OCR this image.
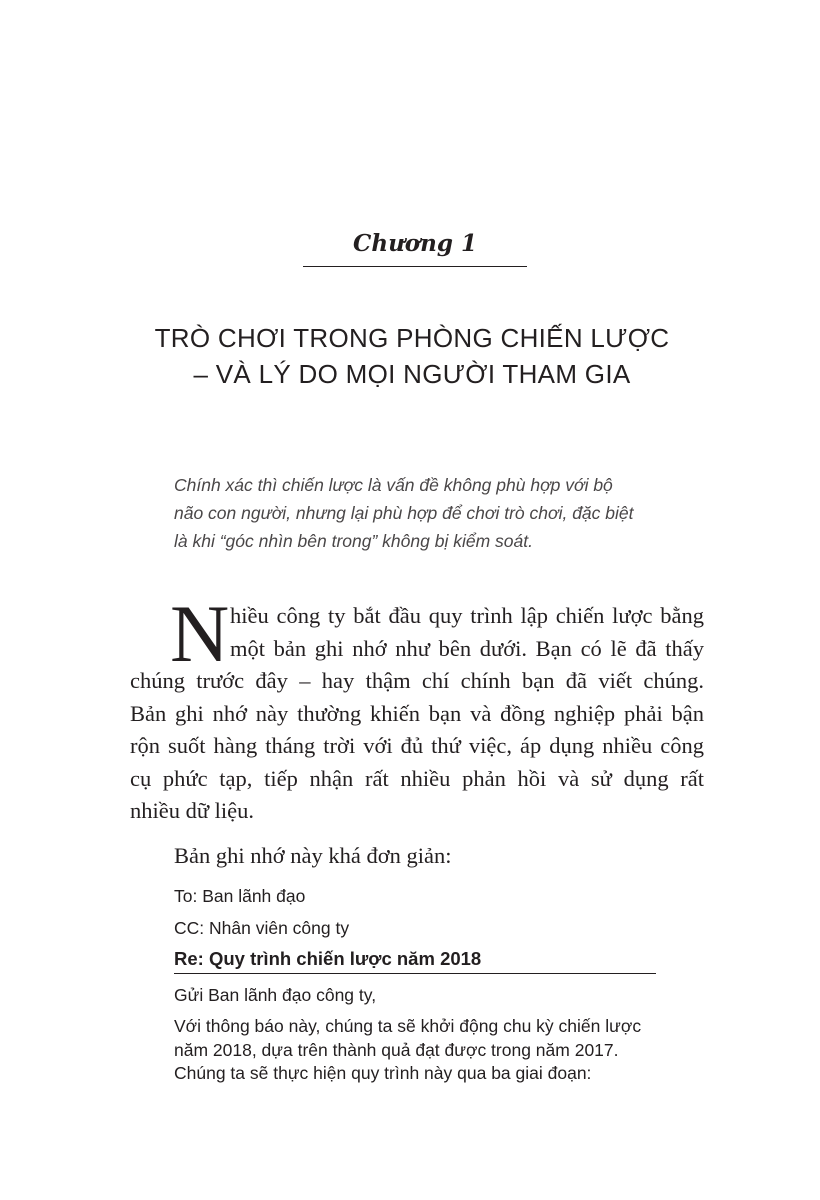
Chương 1
TRÒ CHƠI TRONG PHÒNG CHIẾN LƯỢC
– VÀ LÝ DO MỌI NGƯỜI THAM GIA
Chính xác thì chiến lược là vấn đề không phù hợp với bộ
não con người, nhưng lại phù hợp để chơi trò chơi, đặc biệt
là khi “góc nhìn bên trong” không bị kiểm soát.
N hiều công ty bắt đầu quy trình lập chiến lược bằng
một bản ghi nhớ như bên dưới. Bạn có lẽ đã thấy
chúng trước đây – hay thậm chí chính bạn đã viết chúng.
Bản ghi nhớ này thường khiến bạn và đồng nghiệp phải bận
rộn suốt hàng tháng trời với đủ thứ việc, áp dụng nhiều công
cụ phức tạp, tiếp nhận rất nhiều phản hồi và sử dụng rất
nhiều dữ liệu.
Bản ghi nhớ này khá đơn giản:
To: Ban lãnh đạo
CC: Nhân viên công ty
Re: Quy trình chiến lược năm 2018
Gửi Ban lãnh đạo công ty,
Với thông báo này, chúng ta sẽ khởi động chu kỳ chiến lược
năm 2018, dựa trên thành quả đạt được trong năm 2017.
Chúng ta sẽ thực hiện quy trình này qua ba giai đoạn:
